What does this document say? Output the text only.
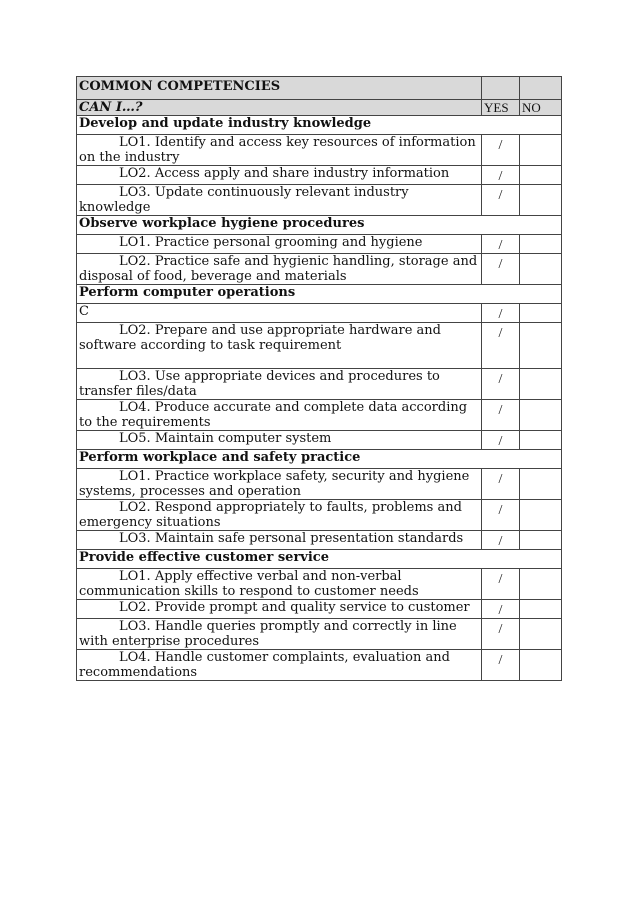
COMMON COMPETENCIES		
CAN I…?	YES	NO
Develop and update industry knowledge		
LO1. Identify and access key resources of information on the industry	/	
LO2. Access apply and share industry information	/	
LO3. Update continuously relevant industry knowledge	/	
Observe workplace hygiene procedures		
LO1. Practice personal grooming and hygiene	/	
LO2. Practice safe and hygienic handling, storage and disposal of food, beverage and materials	/	
Perform computer operations		
C	/	
LO2. Prepare and use appropriate hardware and software according to task requirement	/	
LO3. Use appropriate devices and procedures to transfer files/data	/	
LO4. Produce accurate and complete data according to the requirements	/	
LO5. Maintain computer system	/	
Perform workplace and safety practice		
LO1. Practice workplace safety, security and hygiene systems, processes and operation	/	
LO2. Respond appropriately to faults, problems and emergency situations	/	
LO3. Maintain safe personal presentation standards	/	
Provide effective customer service		
LO1. Apply effective verbal and non-verbal communication skills to respond to customer needs	/	
LO2. Provide prompt and quality service to customer	/	
LO3. Handle queries promptly and correctly in line with enterprise procedures	/	
LO4. Handle customer complaints, evaluation and recommendations	/	
